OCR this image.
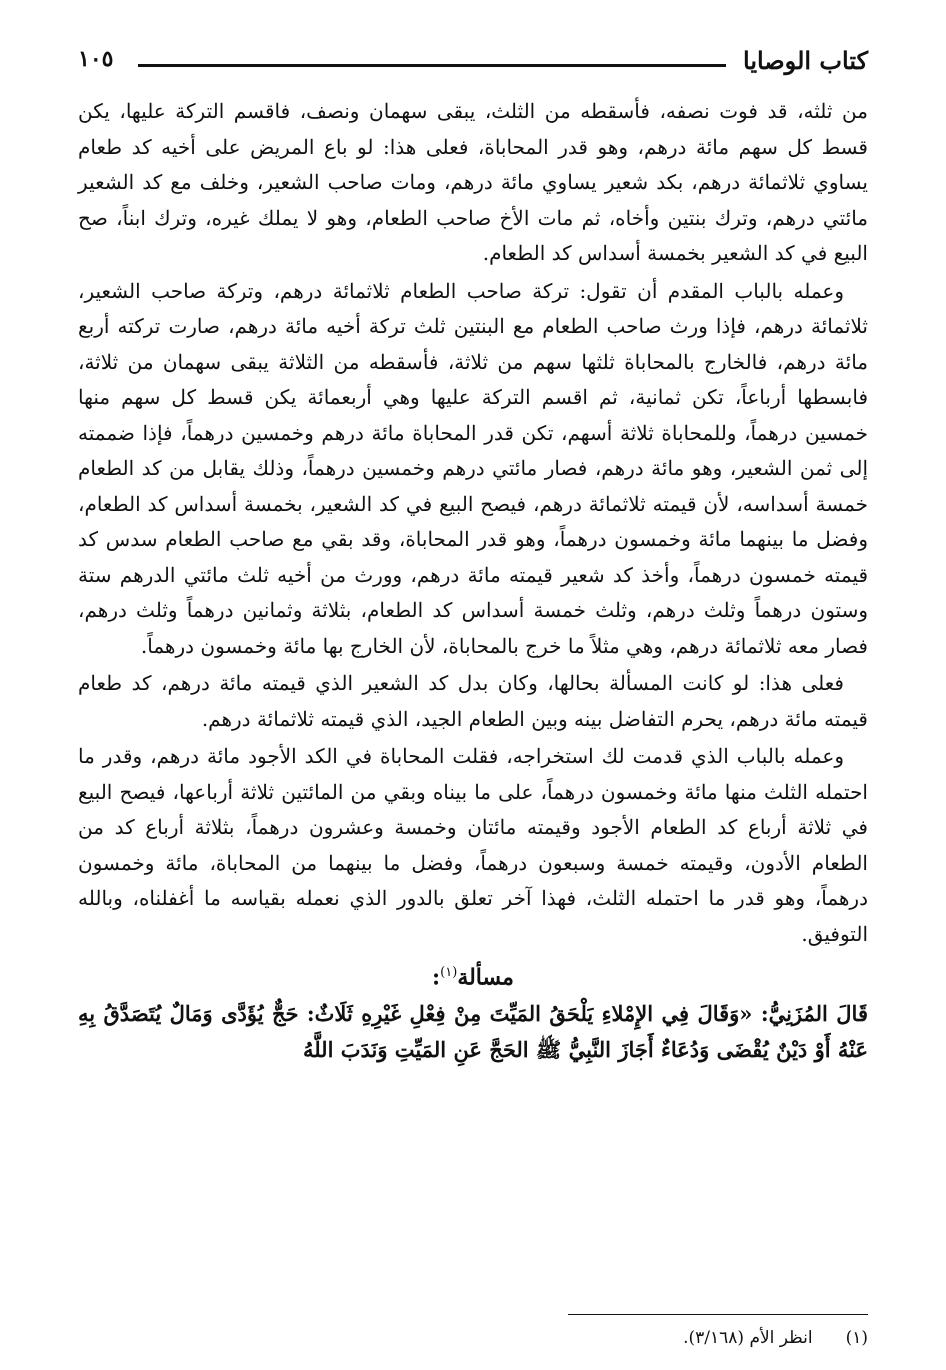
كتاب الوصايا
١٠٥

من ثلثه، قد فوت نصفه، فأسقطه من الثلث، يبقى سهمان ونصف، فاقسم التركة عليها، يكن قسط كل سهم مائة درهم، وهو قدر المحاباة، فعلى هذا: لو باع المريض على أخيه كد طعام يساوي ثلاثمائة درهم، بكد شعير يساوي مائة درهم، ومات صاحب الشعير، وخلف مع كد الشعير مائتي درهم، وترك بنتين وأخاه، ثم مات الأخ صاحب الطعام، وهو لا يملك غيره، وترك ابناً، صح البيع في كد الشعير بخمسة أسداس كد الطعام.

وعمله بالباب المقدم أن تقول: تركة صاحب الطعام ثلاثمائة درهم، وتركة صاحب الشعير، ثلاثمائة درهم، فإذا ورث صاحب الطعام مع البنتين ثلث تركة أخيه مائة درهم، صارت تركته أربع مائة درهم، فالخارج بالمحاباة ثلثها سهم من ثلاثة، فأسقطه من الثلاثة يبقى سهمان من ثلاثة، فابسطها أرباعاً، تكن ثمانية، ثم اقسم التركة عليها وهي أربعمائة يكن قسط كل سهم منها خمسين درهماً، وللمحاباة ثلاثة أسهم، تكن قدر المحاباة مائة درهم وخمسين درهماً، فإذا ضممته إلى ثمن الشعير، وهو مائة درهم، فصار مائتي درهم وخمسين درهماً، وذلك يقابل من كد الطعام خمسة أسداسه، لأن قيمته ثلاثمائة درهم، فيصح البيع في كد الشعير، بخمسة أسداس كد الطعام، وفضل ما بينهما مائة وخمسون درهماً، وهو قدر المحاباة، وقد بقي مع صاحب الطعام سدس كد قيمته خمسون درهماً، وأخذ كد شعير قيمته مائة درهم، وورث من أخيه ثلث مائتي الدرهم ستة وستون درهماً وثلث درهم، وثلث خمسة أسداس كد الطعام، بثلاثة وثمانين درهماً وثلث درهم، فصار معه ثلاثمائة درهم، وهي مثلاً ما خرج بالمحاباة، لأن الخارج بها مائة وخمسون درهماً.

فعلى هذا: لو كانت المسألة بحالها، وكان بدل كد الشعير الذي قيمته مائة درهم، كد طعام قيمته مائة درهم، يحرم التفاضل بينه وبين الطعام الجيد، الذي قيمته ثلاثمائة درهم.

وعمله بالباب الذي قدمت لك استخراجه، فقلت المحاباة في الكد الأجود مائة درهم، وقدر ما احتمله الثلث منها مائة وخمسون درهماً، على ما بيناه وبقي من المائتين ثلاثة أرباعها، فيصح البيع في ثلاثة أرباع كد الطعام الأجود وقيمته مائتان وخمسة وعشرون درهماً، بثلاثة أرباع كد من الطعام الأدون، وقيمته خمسة وسبعون درهماً، وفضل ما بينهما من المحاباة، مائة وخمسون درهماً، وهو قدر ما احتمله الثلث، فهذا آخر تعلق بالدور الذي نعمله بقياسه ما أغفلناه، وبالله التوفيق.

مسألة$^{(١)}$:

قَالَ المُزَنِيُّ: «وَقَالَ فِي الإِمْلاءِ يَلْحَقُ المَيِّتَ مِنْ فِعْلِ غَيْرِهِ ثَلَاثٌ: حَجٌّ يُؤَدَّى وَمَالٌ يُتَصَدَّقُ بِهِ عَنْهُ أَوْ دَيْنٌ يُقْضَى وَدُعَاءٌ أَجَازَ النَّبِيُّ ﷺ الحَجَّ عَنِ المَيِّتِ وَنَدَبَ اللَّهُ

(١) انظر الأم (٣/١٦٨).
